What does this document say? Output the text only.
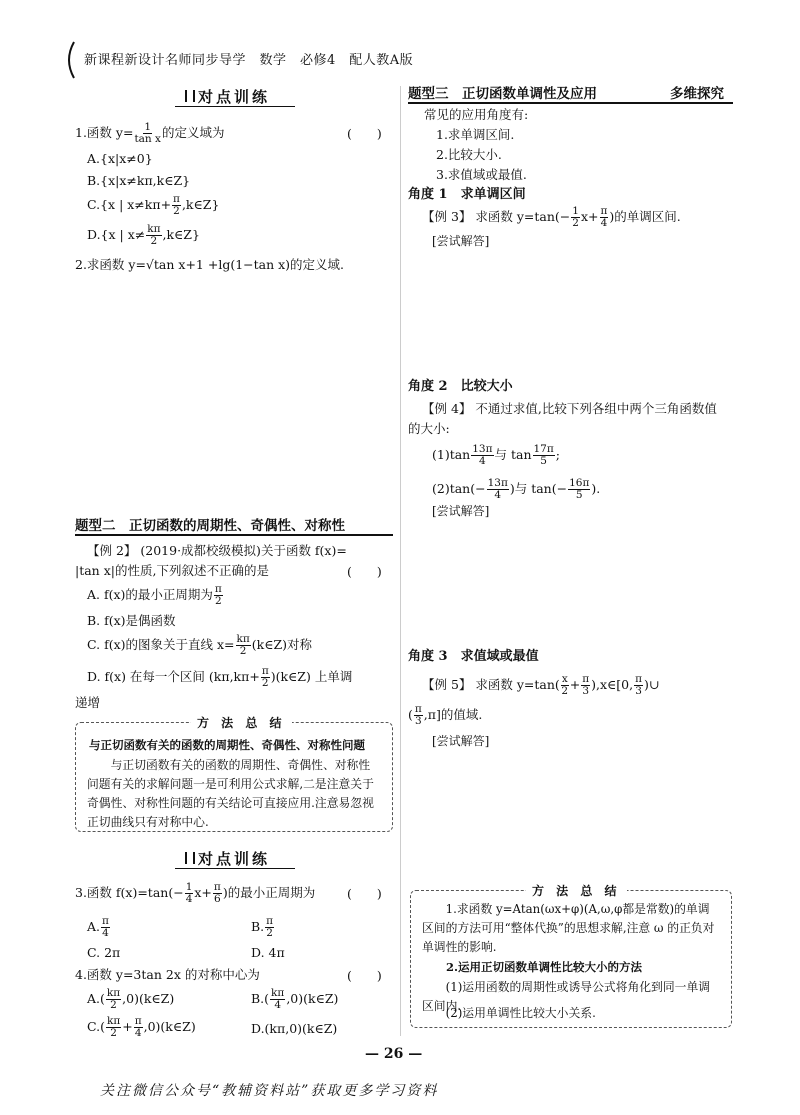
新课程新设计名师同步导学　数学　必修4　配人教A版
对点训练
1.函数 $y= \frac{1}{\text{tan x}}$ 的定义域为	(　　)
A.{x|x≠0}
B.{x|x≠kπ,k∈Z}
C.{x | $x\ne k\pi+ \frac{\pi}{2}$ ,k∈Z}
D.{x | $x\ne \frac{k\pi}{2}$ ,k∈Z}
2.求函数 y=√tan x+1 +lg(1−tan x)的定义域.
题型二　 正切函数的周期性、奇偶性、对称性
【例 2】 (2019·成都校级模拟)关于函数 f(x)=
|tan x|的性质,下列叙述不正确的是	(　　)
A. f(x)的最小正周期为 $\frac{\pi}{2}$
B. f(x)是偶函数
C. f(x)的图象关于直线 $x= \frac{k\pi}{2}$ (k∈Z)对称
D. f(x) 在每一个区间 ($k\pi,k\pi+ \frac{\pi}{2}$ )(k∈Z) 上单调
递增
方 法 总 结
与正切函数有关的函数的周期性、奇偶性、对称性问题
与正切函数有关的函数的周期性、奇偶性、对称性问题有关的求解问题一是可利用公式求解,二是注意关于奇偶性、对称性问题的有关结论可直接应用.注意易忽视正切曲线只有对称中心.
对点训练
3.函数 $f(x)=\tan(- \frac{1}{4} x+ \frac{\pi}{6}$ )的最小正周期为	(　　)
A. $\frac{\pi}{4}$	B. $\frac{\pi}{2}$
C. 2π	D. 4π
4.函数 y=3tan 2x 的对称中心为	(　　)
$A.( \frac{k\pi}{2}$ ,0)(k∈Z)	$B.( \frac{k\pi}{4}$ ,0)(k∈Z)
$C.( \frac{k\pi}{2} + \frac{\pi}{4}$ ,0)(k∈Z)	D.(kπ,0)(k∈Z)
题型三　 正切函数单调性及应用	多维探究
常见的应用角度有:
1.求单调区间.
2.比较大小.
3.求值域或最值.
角度 1　求单调区间
【例 3】 求函数 $y=\tan(- \frac{1}{2} x+ \frac{\pi}{4}$ )的单调区间.
[尝试解答]
角度 2　比较大小
【例 4】 不通过求值,比较下列各组中两个三角函数值
的大小:
$(1)\tan \frac{13\pi}{4}$ 与 $\tan \frac{17\pi}{5}$ ;
$(2)\tan(- \frac{13\pi}{4}$ )与 $\tan(- \frac{16\pi}{5}$ ).
[尝试解答]
角度 3　求值域或最值
【例 5】 求函数 $y=\tan( \frac{x}{2} + \frac{\pi}{3}$ ),x∈[0, $\frac{\pi}{3}$ )∪
( $\frac{\pi}{3} ,\pi$]的值域.
[尝试解答]
方 法 总 结
1.求函数 y=Atan(ωx+φ)(A,ω,φ都是常数)的单调区间的方法可用“整体代换”的思想求解,注意 ω 的正负对单调性的影响.
2.运用正切函数单调性比较大小的方法
(1)运用函数的周期性或诱导公式将角化到同一单调区间内.
(2)运用单调性比较大小关系.
— 26 —
关注微信公众号“教辅资料站”获取更多学习资料
